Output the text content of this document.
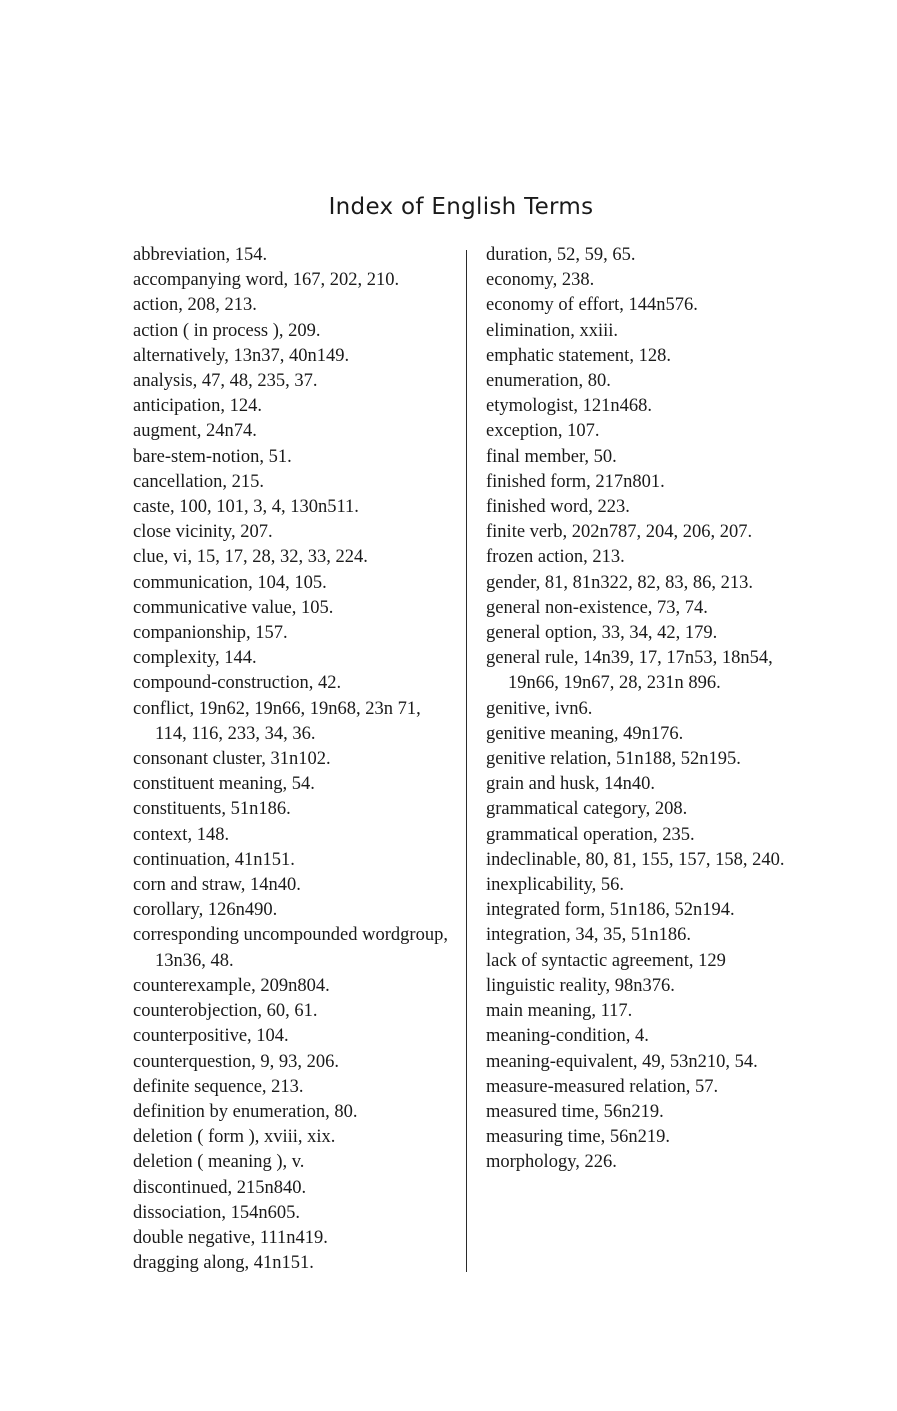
Index of English Terms

abbreviation, 154.

accompanying word, 167, 202, 210.

action, 208, 213.

action ( in process ), 209.

alternatively, 13n37, 40n149.

analysis, 47, 48, 235, 37.

anticipation, 124.

augment, 24n74.

bare-stem-notion, 51.

cancellation, 215.

caste, 100, 101, 3, 4, 130n511.

close vicinity, 207.

clue, vi, 15, 17, 28, 32, 33, 224.

communication, 104, 105.

communicative value, 105.

companionship, 157.

complexity, 144.

compound-construction, 42.

conflict, 19n62, 19n66, 19n68, 23n 71, 114, 116, 233, 34, 36.

consonant cluster, 31n102.

constituent meaning, 54.

constituents, 51n186.

context, 148.

continuation, 41n151.

corn and straw, 14n40.

corollary, 126n490.

corresponding uncompounded wordgroup, 13n36, 48.

counterexample, 209n804.

counterobjection, 60, 61.

counterpositive, 104.

counterquestion, 9, 93, 206.

definite sequence, 213.

definition by enumeration, 80.

deletion ( form ), xviii, xix.

deletion ( meaning ), v.

discontinued, 215n840.

dissociation, 154n605.

double negative, 111n419.

dragging along, 41n151.

duration, 52, 59, 65.

economy, 238.

economy of effort, 144n576.

elimination, xxiii.

emphatic statement, 128.

enumeration, 80.

etymologist, 121n468.

exception, 107.

final member, 50.

finished form, 217n801.

finished word, 223.

finite verb, 202n787, 204, 206, 207.

frozen action, 213.

gender, 81, 81n322, 82, 83, 86, 213.

general non-existence, 73, 74.

general option, 33, 34, 42, 179.

general rule, 14n39, 17, 17n53, 18n54, 19n66, 19n67, 28, 231n 896.

genitive, ivn6.

genitive meaning, 49n176.

genitive relation, 51n188, 52n195.

grain and husk, 14n40.

grammatical category, 208.

grammatical operation, 235.

indeclinable, 80, 81, 155, 157, 158, 240.

inexplicability, 56.

integrated form, 51n186, 52n194.

integration, 34, 35, 51n186.

lack of syntactic agreement, 129

linguistic reality, 98n376.

main meaning, 117.

meaning-condition, 4.

meaning-equivalent, 49, 53n210, 54.

measure-measured relation, 57.

measured time, 56n219.

measuring time, 56n219.

morphology, 226.
